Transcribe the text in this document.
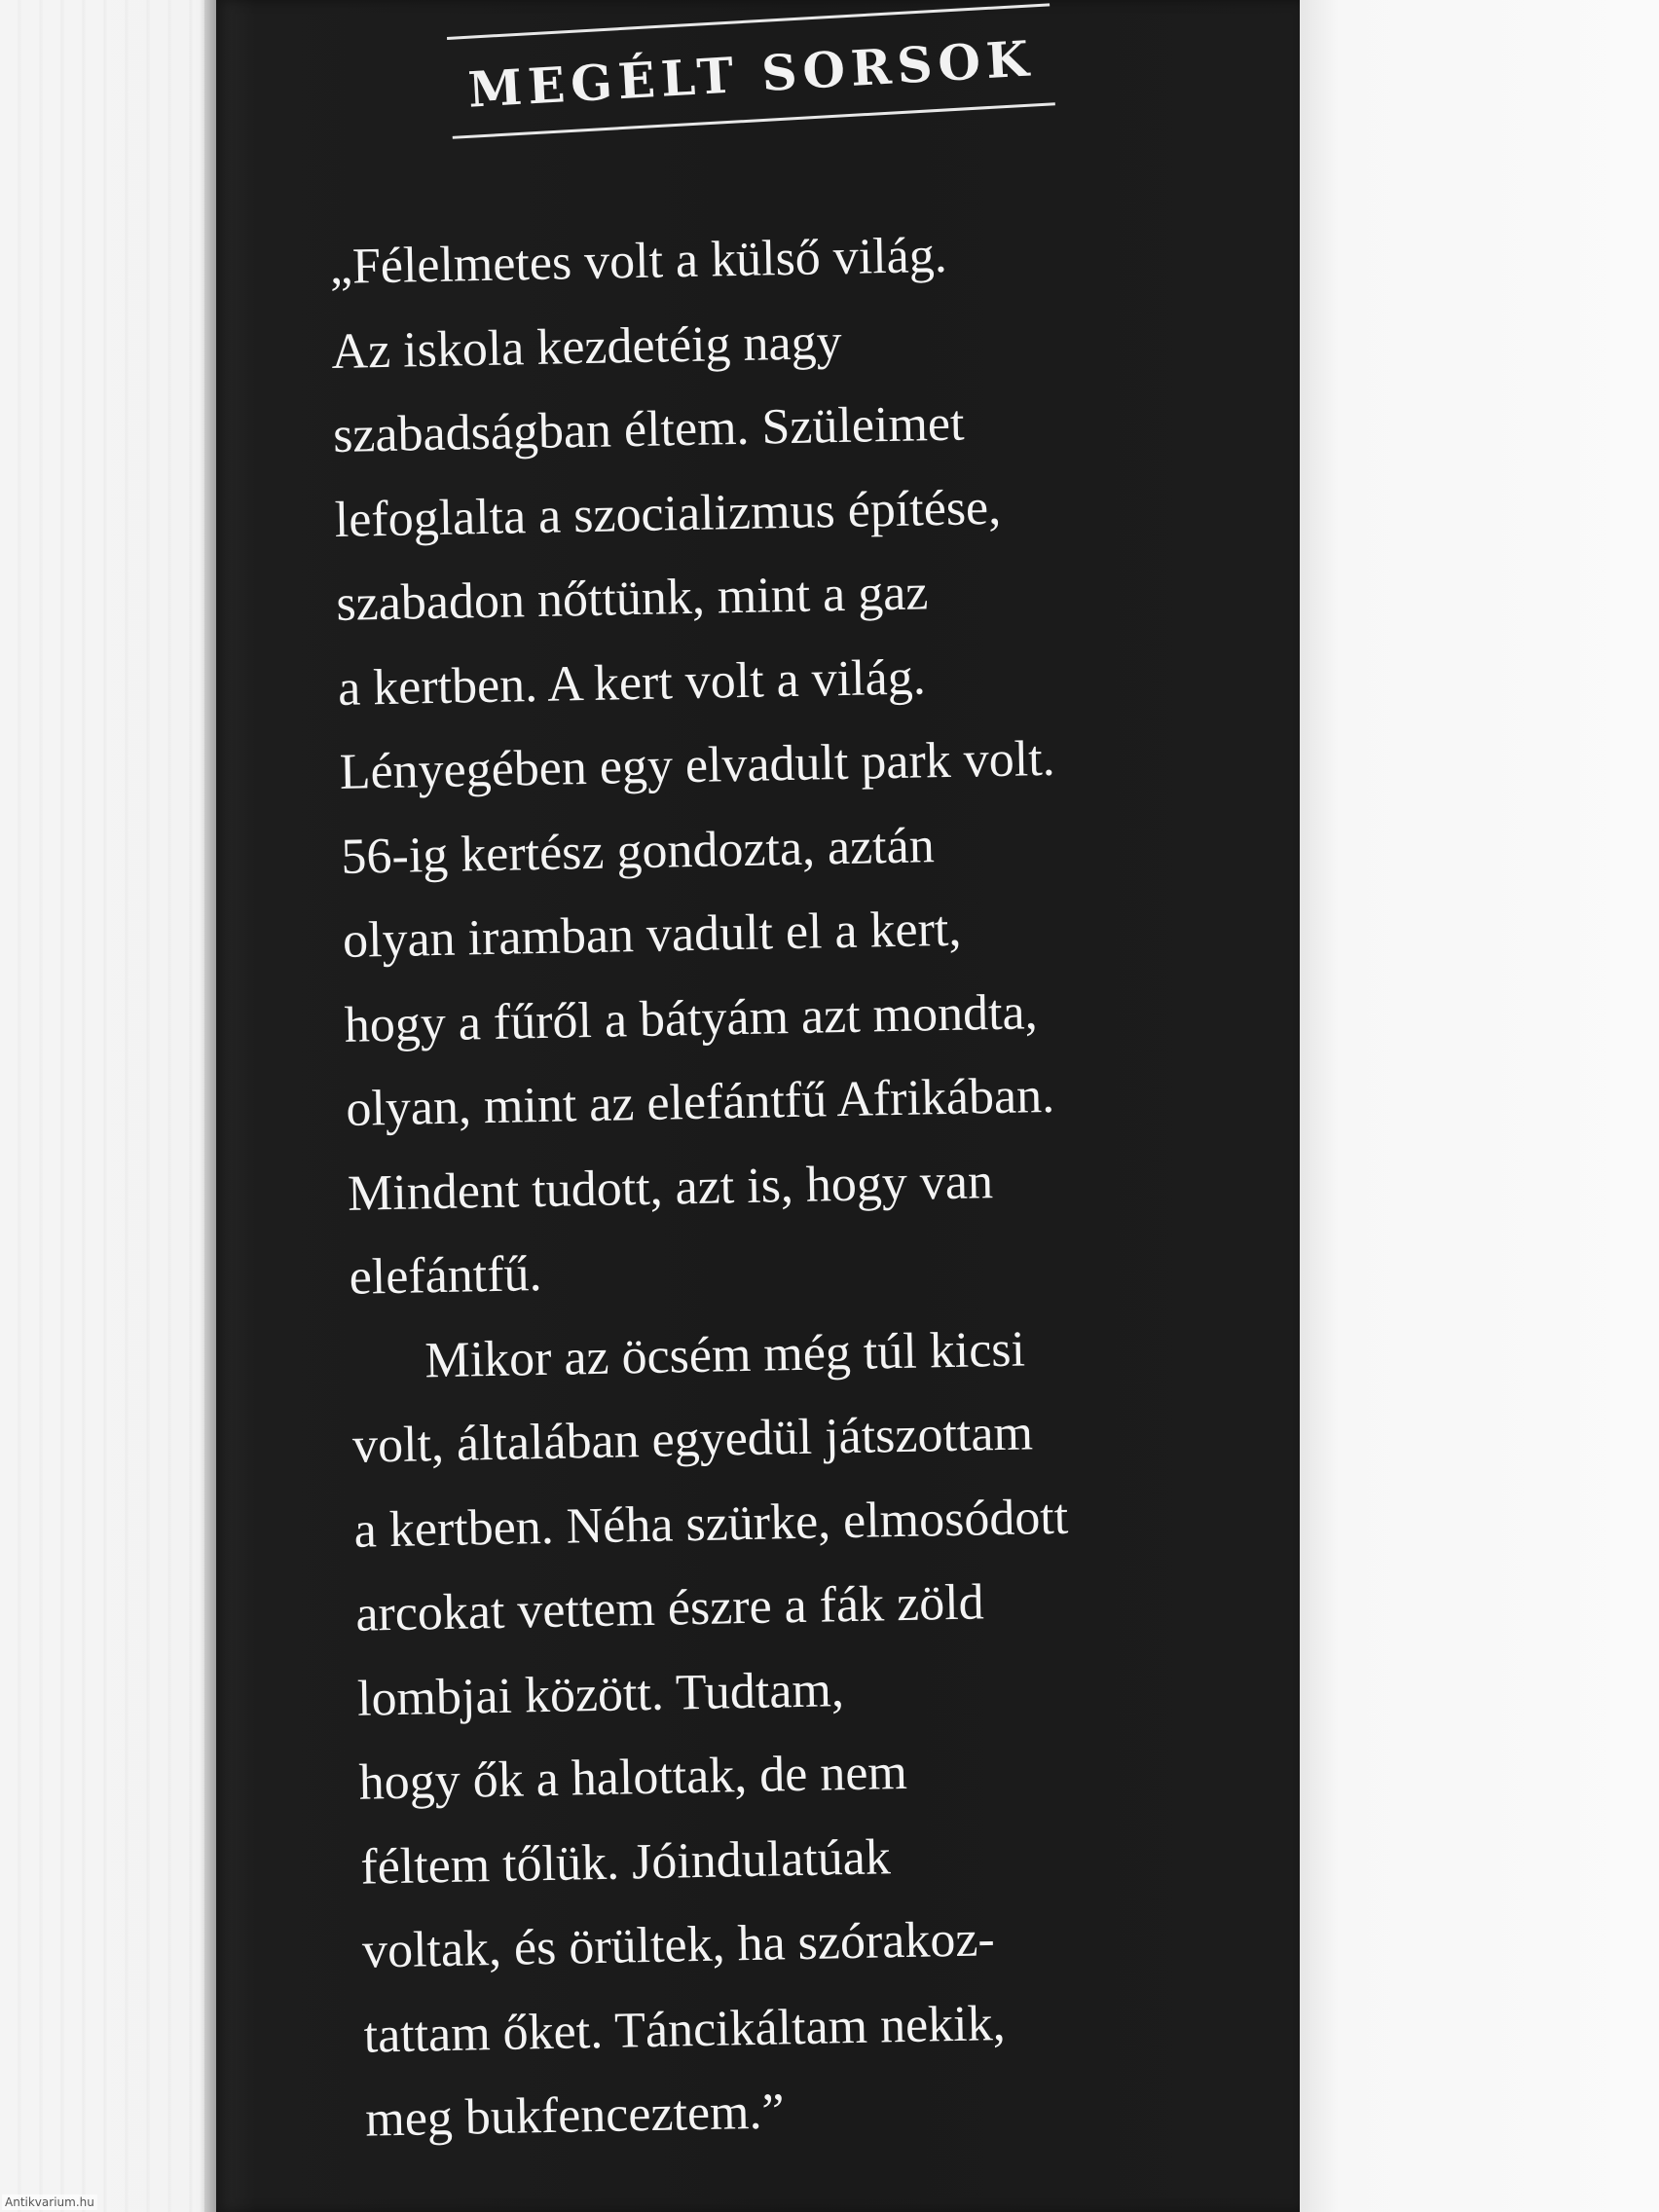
MEGÉLT SORSOK
„Félelmetes volt a külső világ.
Az iskola kezdetéig nagy
szabadságban éltem. Szüleimet
lefoglalta a szocializmus építése,
szabadon nőttünk, mint a gaz
a kertben. A kert volt a világ.
Lényegében egy elvadult park volt.
56-ig kertész gondozta, aztán
olyan iramban vadult el a kert,
hogy a fűről a bátyám azt mondta,
olyan, mint az elefántfű Afrikában.
Mindent tudott, azt is, hogy van
elefántfű.
Mikor az öcsém még túl kicsi
volt, általában egyedül játszottam
a kertben. Néha szürke, elmosódott
arcokat vettem észre a fák zöld
lombjai között. Tudtam,
hogy ők a halottak, de nem
féltem tőlük. Jóindulatúak
voltak, és örültek, ha szórakoz-
tattam őket. Táncikáltam nekik,
meg bukfenceztem.”
Antikvarium.hu
